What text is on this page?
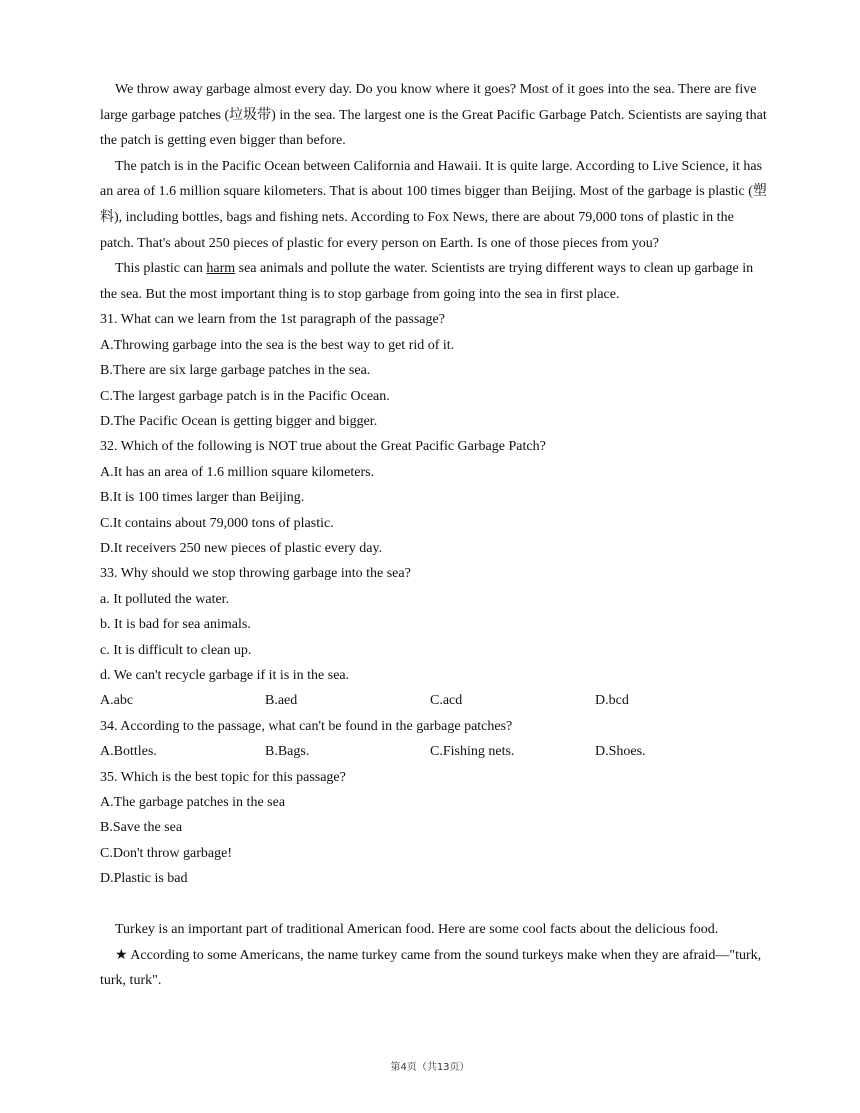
We throw away garbage almost every day. Do you know where it goes? Most of it goes into the sea. There are five large garbage patches (垃圾带) in the sea. The largest one is the Great Pacific Garbage Patch. Scientists are saying that the patch is getting even bigger than before.

The patch is in the Pacific Ocean between California and Hawaii. It is quite large. According to Live Science, it has an area of 1.6 million square kilometers. That is about 100 times bigger than Beijing. Most of the garbage is plastic (塑料), including bottles, bags and fishing nets. According to Fox News, there are about 79,000 tons of plastic in the patch. That's about 250 pieces of plastic for every person on Earth. Is one of those pieces from you?

This plastic can harm sea animals and pollute the water. Scientists are trying different ways to clean up garbage in the sea. But the most important thing is to stop garbage from going into the sea in first place.

31. What can we learn from the 1st paragraph of the passage?

A.Throwing garbage into the sea is the best way to get rid of it.

B.There are six large garbage patches in the sea.

C.The largest garbage patch is in the Pacific Ocean.

D.The Pacific Ocean is getting bigger and bigger.

32. Which of the following is NOT true about the Great Pacific Garbage Patch?

A.It has an area of 1.6 million square kilometers.

B.It is 100 times larger than Beijing.

C.It contains about 79,000 tons of plastic.

D.It receivers 250 new pieces of plastic every day.

33. Why should we stop throwing garbage into the sea?

a. It polluted the water.

b. It is bad for sea animals.

c. It is difficult to clean up.

d. We can't recycle garbage if it is in the sea.

A.abc	B.aed	C.acd	D.bcd

34. According to the passage, what can't be found in the garbage patches?

A.Bottles.	B.Bags.	C.Fishing nets.	D.Shoes.

35. Which is the best topic for this passage?

A.The garbage patches in the sea

B.Save the sea

C.Don't throw garbage!

D.Plastic is bad

Turkey is an important part of traditional American food. Here are some cool facts about the delicious food.

★ According to some Americans, the name turkey came from the sound turkeys make when they are afraid—"turk, turk, turk".

第4页（共13页）
